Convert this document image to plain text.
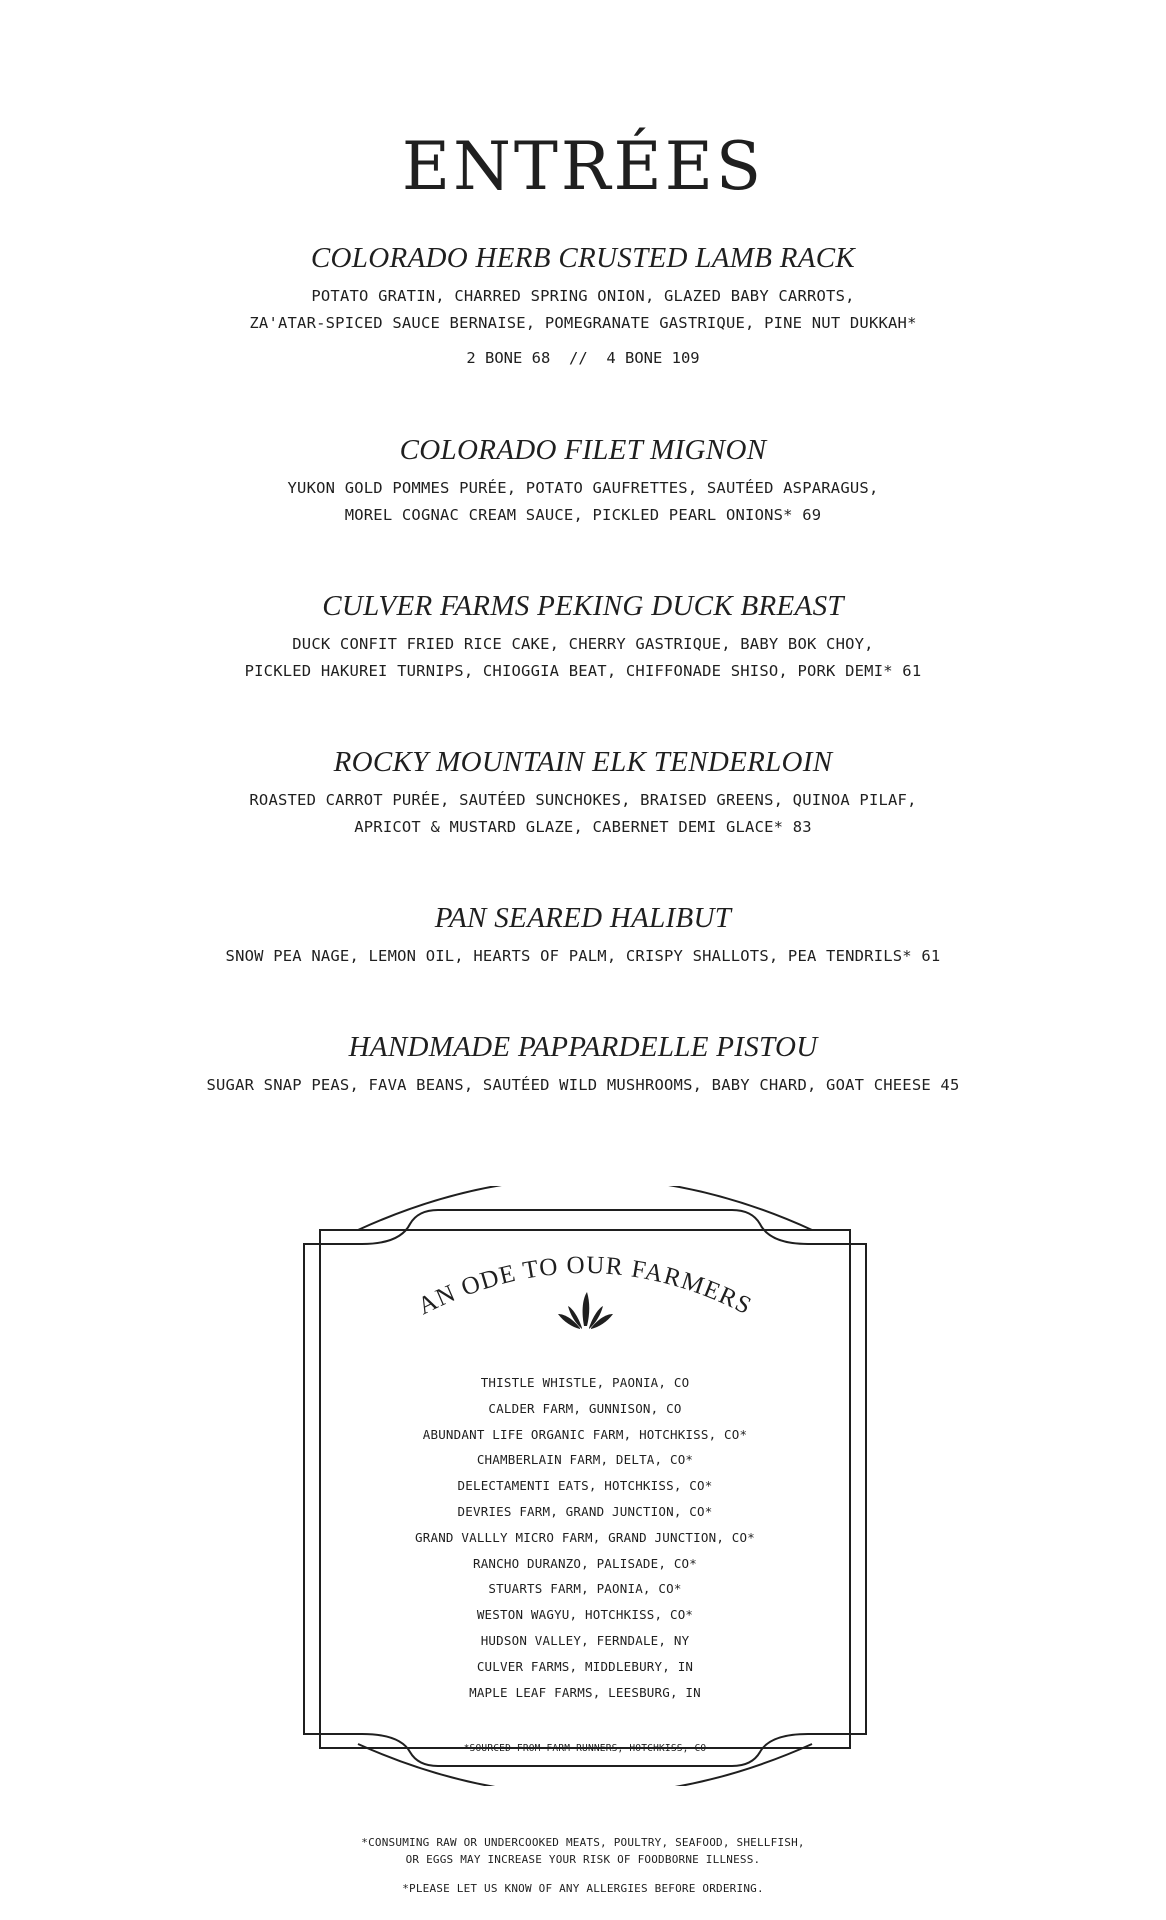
ENTRÉES
COLORADO HERB CRUSTED LAMB RACK
POTATO GRATIN, CHARRED SPRING ONION, GLAZED BABY CARROTS,
ZA'ATAR-SPICED SAUCE BERNAISE, POMEGRANATE GASTRIQUE, PINE NUT DUKKAH*
2 BONE 68  //  4 BONE 109
COLORADO FILET MIGNON
YUKON GOLD POMMES PURÉE, POTATO GAUFRETTES, SAUTÉED ASPARAGUS,
MOREL COGNAC CREAM SAUCE, PICKLED PEARL ONIONS* 69
CULVER FARMS PEKING DUCK BREAST
DUCK CONFIT FRIED RICE CAKE, CHERRY GASTRIQUE, BABY BOK CHOY,
PICKLED HAKUREI TURNIPS, CHIOGGIA BEAT, CHIFFONADE SHISO, PORK DEMI* 61
ROCKY MOUNTAIN ELK TENDERLOIN
ROASTED CARROT PURÉE, SAUTÉED SUNCHOKES, BRAISED GREENS, QUINOA PILAF,
APRICOT & MUSTARD GLAZE, CABERNET DEMI GLACE* 83
PAN SEARED HALIBUT
SNOW PEA NAGE, LEMON OIL, HEARTS OF PALM, CRISPY SHALLOTS, PEA TENDRILS* 61
HANDMADE PAPPARDELLE PISTOU
SUGAR SNAP PEAS, FAVA BEANS, SAUTÉED WILD MUSHROOMS, BABY CHARD, GOAT CHEESE 45
AN ODE TO OUR FARMERS
THISTLE WHISTLE, PAONIA, CO
CALDER FARM, GUNNISON, CO
ABUNDANT LIFE ORGANIC FARM, HOTCHKISS, CO*
CHAMBERLAIN FARM, DELTA, CO*
DELECTAMENTI EATS, HOTCHKISS, CO*
DEVRIES FARM, GRAND JUNCTION, CO*
GRAND VALLLY MICRO FARM, GRAND JUNCTION, CO*
RANCHO DURANZO, PALISADE, CO*
STUARTS FARM, PAONIA, CO*
WESTON WAGYU, HOTCHKISS, CO*
HUDSON VALLEY, FERNDALE, NY
CULVER FARMS, MIDDLEBURY, IN
MAPLE LEAF FARMS, LEESBURG, IN
*SOURCED FROM FARM RUNNERS, HOTCHKISS, CO
*CONSUMING RAW OR UNDERCOOKED MEATS, POULTRY, SEAFOOD, SHELLFISH,
OR EGGS MAY INCREASE YOUR RISK OF FOODBORNE ILLNESS.
*PLEASE LET US KNOW OF ANY ALLERGIES BEFORE ORDERING.
